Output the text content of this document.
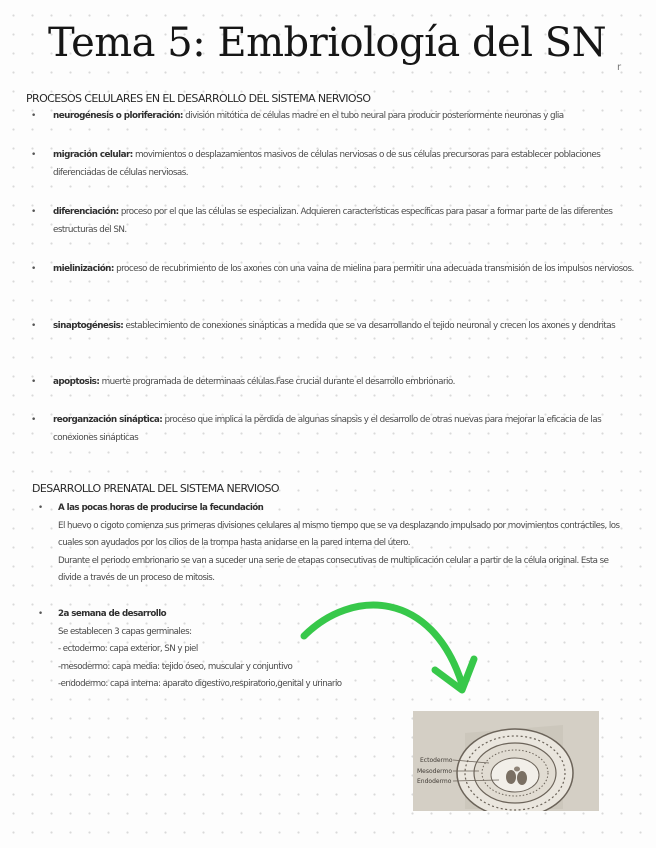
Tema 5: Embriología del SN
r
PROCESOS CELULARES EN EL DESARROLLO DEL SISTEMA NERVIOSO
•	neurogénesis o ploriferación: división mitótica de células madre en el tubo neural para producir posteriormente neuronas y glia
•	migración celular: movimientos o desplazamientos masivos de células nerviosas o de sus células precursoras para establecer poblaciones diferenciadas de células nerviosas.
•	diferenciación: proceso por el que las células se especializan. Adquieren características específicas para pasar a formar parte de las diferentes estructuras del SN.
•	mielinización: proceso de recubrimiento de los axones con una vaina de mielina para permitir una adecuada transmisión de los impulsos nerviosos.
•	sinaptogénesis: establecimiento de conexiones sinápticas a medida que se va desarrollando el tejido neuronal y crecen los axones y dendritas
•	apoptosis: muerte programada de determinaas células.Fase crucial durante el desarrollo embrionario.
•	reorganzación sináptica: proceso que implica la pérdida de algunas sinapsis y el desarrollo de otras nuevas para mejorar la eficacia de las conexiones sinápticas
DESARROLLO PRENATAL DEL SISTEMA NERVIOSO
•	A las pocas horas de producirse la fecundación
El huevo o cigoto comienza sus primeras divisiones celulares al mismo tiempo que se va desplazando impulsado por movimientos contráctiles, los cuales son ayudados por los cilios de la trompa hasta anidarse en la pared interna del útero.
Durante el periodo embrionario se van a suceder una serie de etapas consecutivas de multiplicación celular a partir de la célula original. Esta se divide a través de un proceso de mitosis.
•	2a semana de desarrollo
Se establecen 3 capas germinales:
- ectodermo: capa exterior, SN y piel
-mesodermo: capa media: tejido óseo, muscular y conjuntivo
-endodermo: capa interna: aparato digestivo,respiratorio,genital y urinario
Ectodermo
Mesodermo
Endodermo
